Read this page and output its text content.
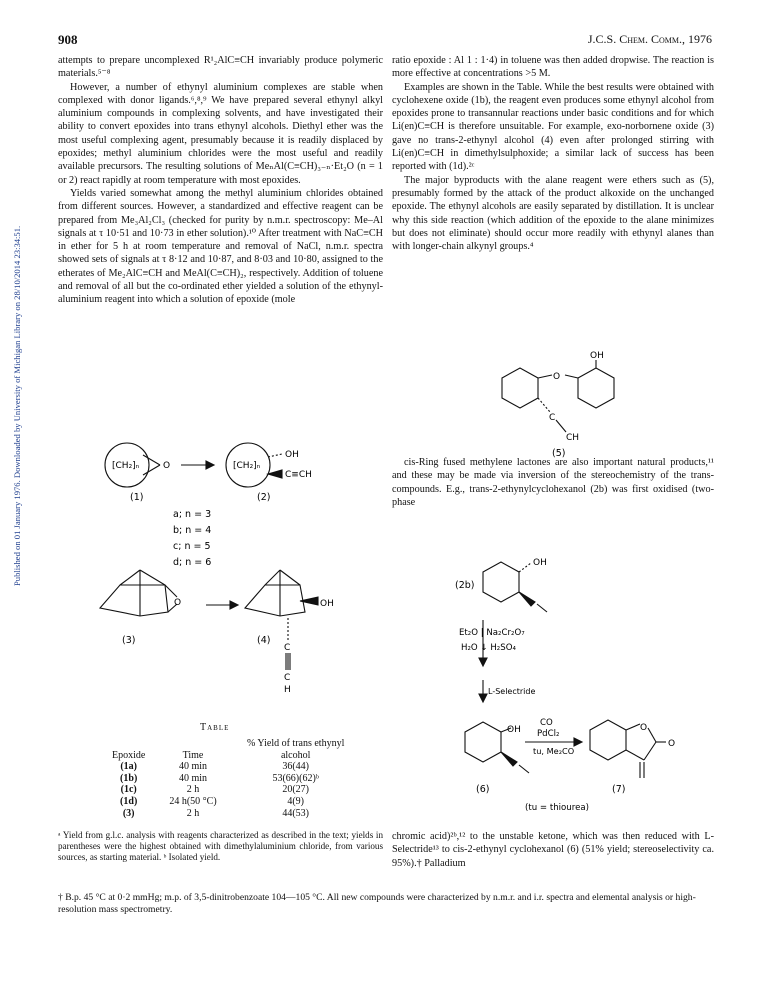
908	J.C.S. Chem. Comm., 1976
Published on 01 January 1976. Downloaded by University of Michigan Library on 28/10/2014 23:34:51.

attempts to prepare uncomplexed R¹₂AlC≡CH invariably produce polymeric materials.⁵⁻⁸

However, a number of ethynyl aluminium complexes are stable when complexed with donor ligands.⁶,⁸,⁹ We have prepared several ethynyl alkyl aluminium compounds in complexing solvents, and have investigated their ability to convert epoxides into trans ethynyl alcohols. Diethyl ether was the most useful complexing agent, presumably because it is readily displaced by epoxides; methyl aluminium chlorides were the most useful and readily available precursors. The resulting solutions of MeₙAl(C≡CH)₃₋ₙ·Et₂O (n = 1 or 2) react rapidly at room temperature with most epoxides.

Yields varied somewhat among the methyl aluminium chlorides obtained from different sources. However, a standardized and effective reagent can be prepared from Me₃Al₂Cl₃ (checked for purity by n.m.r. spectroscopy: Me–Al signals at τ 10·51 and 10·73 in ether solution).¹⁰ After treatment with NaC≡CH in ether for 5 h at room temperature and removal of NaCl, n.m.r. spectra showed sets of signals at τ 8·12 and 10·87, and 8·03 and 10·80, assigned to the etherates of Me₂AlC≡CH and MeAl(C≡CH)₂, respectively. Addition of toluene and removal of all but the co-ordinated ether yielded a solution of the ethynyl-aluminium reagent into which a solution of epoxide (mole

ratio epoxide : Al 1 : 1·4) in toluene was then added dropwise. The reaction is more effective at concentrations >5 M.

Examples are shown in the Table. While the best results were obtained with cyclohexene oxide (1b), the reagent even produces some ethynyl alcohol from epoxides prone to transannular reactions under basic conditions and for which Li(en)C≡CH is therefore unsuitable. For example, exo-norbornene oxide (3) gave no trans-2-ethynyl alcohol (4) even after prolonged stirring with Li(en)C≡CH in dimethylsulphoxide; a similar lack of success has been reported with (1d).²ᶜ

The major byproducts with the alane reagent were ethers such as (5), presumably formed by the attack of the product alkoxide on the unchanged epoxide. The ethynyl alcohols are easily separated by distillation. It is unclear why this side reaction (which addition of the epoxide to the alane minimizes but does not eliminate) should occur more readily with ethynyl alanes than with longer-chain alkynyl groups.⁴

cis-Ring fused methylene lactones are also important natural products,¹¹ and these may be made via inversion of the stereochemistry of the trans-compounds. E.g., trans-2-ethynylcyclohexanol (2b) was first oxidised (two-phase

O
OH
C
CH
(5)
[CH₂]ₙ	O	[CH₂]ₙ
OH
C≡CH
(1)	(2)
a; n = 3
b; n = 4
c; n = 5
d; n = 6
O	OH
C
C
H
(3)	(4)
OH
(2b)
Et₂O | Na₂Cr₂O₇
H₂O ↓ H₂SO₄
L-Selectride
OH
CO
PdCl₂
tu, Me₂CO
O
O
(6)	(7)
(tu = thiourea)
Table
Epoxide	Time	% Yield of trans ethynyl alcohol
(1a)	40 min	36(44)
(1b)	40 min	53(66)(62)ᵇ
(1c)	2 h	20(27)
(1d)	24 h(50 °C)	4(9)
(3)	2 h	44(53)
ᵃ Yield from g.l.c. analysis with reagents characterized as described in the text; yields in parentheses were the highest obtained with dimethylaluminium chloride, from various sources, as starting material. ᵇ Isolated yield.
chromic acid)²ᵇ,¹² to the unstable ketone, which was then reduced with L-Selectride¹³ to cis-2-ethynyl cyclohexanol (6) (51% yield; stereoselectivity ca. 95%).† Palladium
† B.p. 45 °C at 0·2 mmHg; m.p. of 3,5-dinitrobenzoate 104—105 °C. All new compounds were characterized by n.m.r. and i.r. spectra and elemental analysis or high-resolution mass spectrometry.
